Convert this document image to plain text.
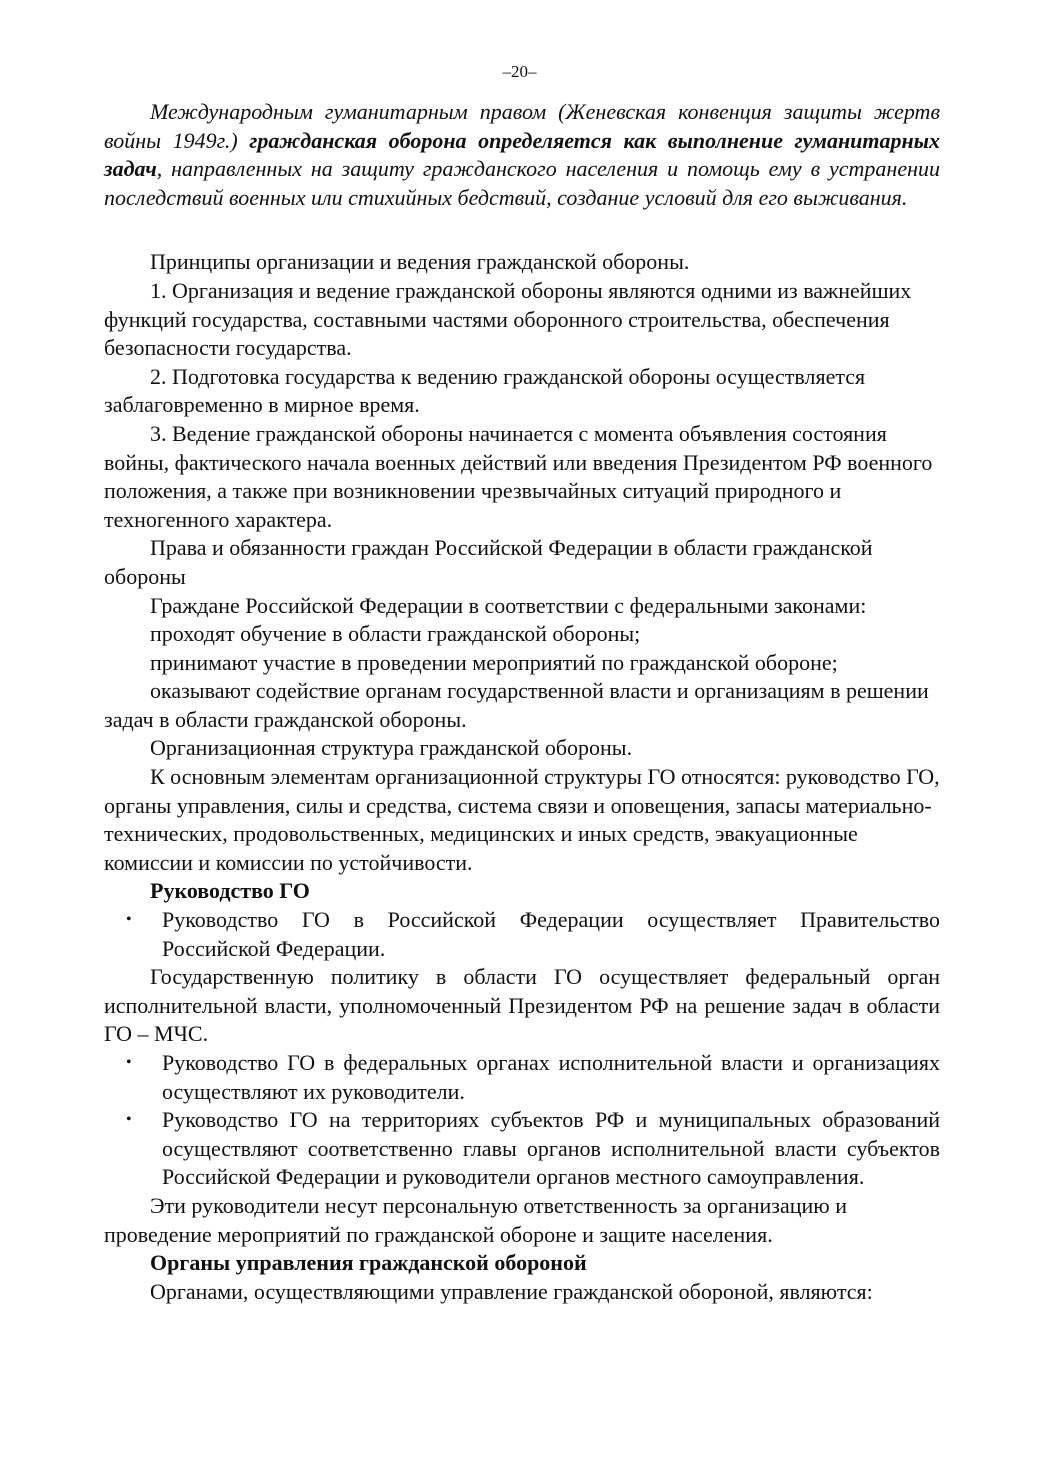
–20–

Международным гуманитарным правом (Женевская конвенция защиты жертв войны 1949г.) гражданская оборона определяется как выполнение гуманитарных задач, направленных на защиту гражданского населения и помощь ему в устранении последствий военных или стихийных бедствий, создание условий для его выживания.

Принципы организации и ведения гражданской обороны.

1. Организация и ведение гражданской обороны являются одними из важнейших функций государства, составными частями оборонного строительства, обеспечения безопасности государства.

2. Подготовка государства к ведению гражданской обороны осуществляется заблаговременно в мирное время.

3. Ведение гражданской обороны начинается с момента объявления состояния войны, фактического начала военных действий или введения Президентом РФ военного положения, а также при возникновении чрезвычайных ситуаций природного и техногенного характера.

Права и обязанности граждан Российской Федерации в области гражданской обороны

Граждане Российской Федерации в соответствии с федеральными законами:

проходят обучение в области гражданской обороны;

принимают участие в проведении мероприятий по гражданской обороне;

оказывают содействие органам государственной власти и организациям в решении задач в области гражданской обороны.

Организационная структура гражданской обороны.

К основным элементам организационной структуры ГО относятся: руководство ГО, органы управления, силы и средства, система связи и оповещения, запасы материально-технических, продовольственных, медицинских и иных средств, эвакуационные комиссии и комиссии по устойчивости.

Руководство ГО

• Руководство ГО в Российской Федерации осуществляет Правительство Российской Федерации.

Государственную политику в области ГО осуществляет федеральный орган исполнительной власти, уполномоченный Президентом РФ на решение задач в области ГО – МЧС.

• Руководство ГО в федеральных органах исполнительной власти и организациях осуществляют их руководители.
• Руководство ГО на территориях субъектов РФ и муниципальных образований осуществляют соответственно главы органов исполнительной власти субъектов Российской Федерации и руководители органов местного самоуправления.

Эти руководители несут персональную ответственность за организацию и проведение мероприятий по гражданской обороне и защите населения.

Органы управления гражданской обороной

Органами, осуществляющими управление гражданской обороной, являются:
